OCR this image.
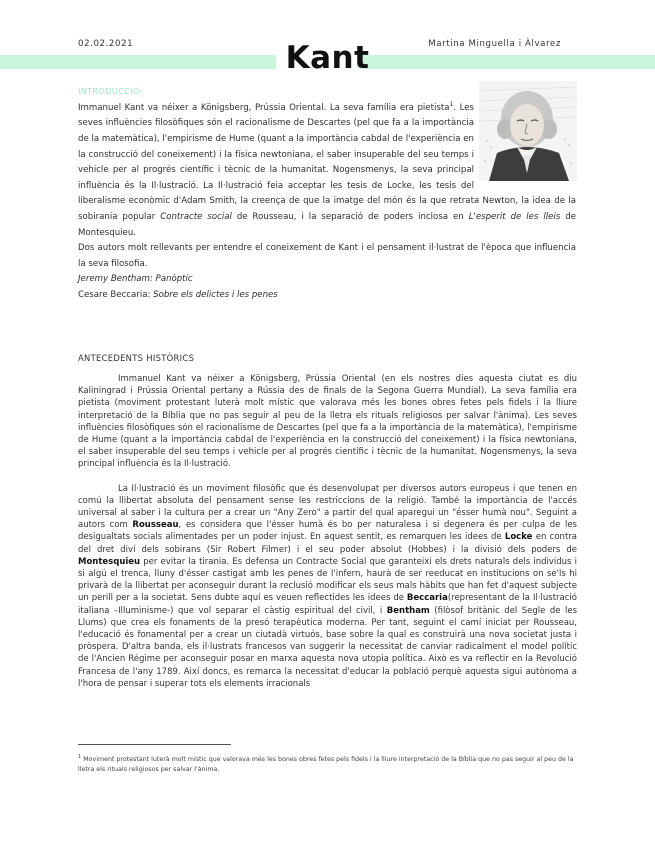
02.02.2021	Martina Minguella i Àlvarez
Kant
INTRODUCCIÓ:
Immanuel Kant va néixer a Königsberg, Prússia Oriental. La seva família era pietista$^1$. Les seves influències filosòfiques són el racionalisme de Descartes (pel que fa a la importància de la matemàtica), l'empirisme de Hume (quant a la importància cabdal de l'experiència en la construcció del coneixement) i la física newtoniana, el saber insuperable del seu temps i vehicle per al progrés científic i tècnic de la humanitat. Nogensmenys, la seva principal influència és la Il·lustració. La Il·lustració feia acceptar les tesis de Locke, les tesis del liberalisme econòmic d'Adam Smith, la creença de que la imatge del món és la que retrata Newton, la idea de la sobirania popular Contracte social de Rousseau, i la separació de poders inclosa en L'esperit de les lleis de Montesquieu.
Dos autors molt rellevants per entendre el coneixement de Kant i el pensament il·lustrat de l'època que influencia la seva filosofia.
Jeremy Bentham: Panòptic
Cesare Beccaria: Sobre els delictes i les penes
ANTECEDENTS HISTÒRICS

Immanuel Kant va néixer a Königsberg, Prússia Oriental (en els nostres dies aquesta ciutat es diu Kaliningrad i Prússia Oriental pertany a Rússia des de finals de la Segona Guerra Mundial). La seva família era pietista (moviment protestant luterà molt místic que valorava més les bones obres fetes pels fidels i la lliure interpretació de la Bíblia que no pas seguir al peu de la lletra els rituals religiosos per salvar l'ànima). Les seves influències filosòfiques són el racionalisme de Descartes (pel que fa a la importància de la matemàtica), l'empirisme de Hume (quant a la importància cabdal de l'experiència en la construcció del coneixement) i la física newtoniana, el saber insuperable del seu temps i vehicle per al progrés científic i tècnic de la humanitat. Nogensmenys, la seva principal influència és la Il·lustració.

La Il·lustració és un moviment filosòfic que és desenvolupat per diversos autors europeus i que tenen en comú la llibertat absoluta del pensament sense les restriccions de la religió. També la importància de l'accés universal al saber i la cultura per a crear un "Any Zero" a partir del qual aparegui un "ésser humà nou". Seguint a autors com Rousseau, es considera que l'ésser humà és bo per naturalesa i si degenera és per culpa de les desigualtats socials alimentades per un poder injust. En aquest sentit, es remarquen les idees de Locke en contra del dret diví dels sobirans (Sir Robert Filmer) i el seu poder absolut (Hobbes) i la divisió dels poders de Montesquieu per evitar la tirania. Es defensa un Contracte Social que garanteixi els drets naturals dels individus i si algú el trenca, lluny d'ésser castigat amb les penes de l'infern, haurà de ser reeducat en institucions on se'ls hi privarà de la llibertat per aconseguir durant la reclusió modificar els seus mals hàbits que han fet d'aquest subjecte un perill per a la societat. Sens dubte aquí es veuen reflectides les idees de Beccaria(representant de la Il·lustració italiana –Illuminisme-) que vol separar el càstig espiritual del civil, i Bentham (filòsof britànic del Segle de les Llums) que crea els fonaments de la presó terapèutica moderna. Per tant, seguint el camí iniciat per Rousseau, l'educació és fonamental per a crear un ciutadà virtuós, base sobre la qual es construirà una nova societat justa i pròspera. D'altra banda, els il·lustrats francesos van suggerir la necessitat de canviar radicalment el model polític de l'Ancien Régime per aconseguir posar en marxa aquesta nova utopia política. Això es va reflectir en la Revolució Francesa de l'any 1789. Així doncs, es remarca la necessitat d'educar la població perquè aquesta sigui autònoma a l'hora de pensar i superar tots els elements irracionals

$^1$ Moviment protestant luterà molt místic que valorava més les bones obres fetes pels fidels i la lliure interpretació de la Bíblia que no pas seguir al peu de la lletra els rituals religiosos per salvar l'ànima.
